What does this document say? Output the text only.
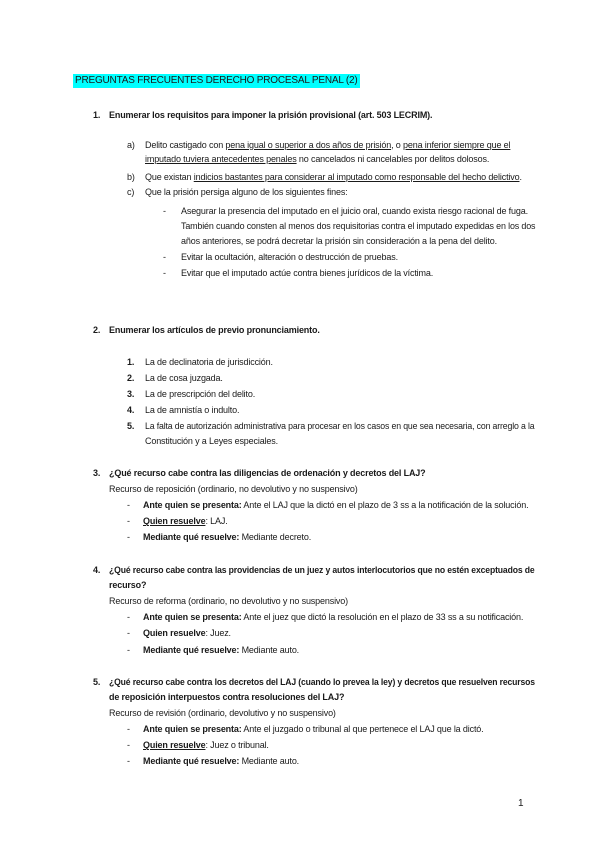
PREGUNTAS FRECUENTES DERECHO PROCESAL PENAL (2)
1. Enumerar los requisitos para imponer la prisión provisional (art. 503 LECRIM).
a) Delito castigado con pena igual o superior a dos años de prisión, o pena inferior siempre que el
imputado tuviera antecedentes penales no cancelados ni cancelables por delitos dolosos.
b) Que existan indicios bastantes para considerar al imputado como responsable del hecho delictivo.
c) Que la prisión persiga alguno de los siguientes fines:
- Asegurar la presencia del imputado en el juicio oral, cuando exista riesgo racional de fuga.
También cuando consten al menos dos requisitorias contra el imputado expedidas en los dos
años anteriores, se podrá decretar la prisión sin consideración a la pena del delito.
- Evitar la ocultación, alteración o destrucción de pruebas.
- Evitar que el imputado actúe contra bienes jurídicos de la víctima.
2. Enumerar los artículos de previo pronunciamiento.
1. La de declinatoria de jurisdicción.
2. La de cosa juzgada.
3. La de prescripción del delito.
4. La de amnistía o indulto.
5. La falta de autorización administrativa para procesar en los casos en que sea necesaria, con arreglo a la
Constitución y a Leyes especiales.
3. ¿Qué recurso cabe contra las diligencias de ordenación y decretos del LAJ?
Recurso de reposición (ordinario, no devolutivo y no suspensivo)
- Ante quien se presenta: Ante el LAJ que la dictó en el plazo de 3 ss a la notificación de la solución.
- Quien resuelve: LAJ.
- Mediante qué resuelve: Mediante decreto.
4. ¿Qué recurso cabe contra las providencias de un juez y autos interlocutorios que no estén exceptuados de
recurso?
Recurso de reforma (ordinario, no devolutivo y no suspensivo)
- Ante quien se presenta: Ante el juez que dictó la resolución en el plazo de 33 ss a su notificación.
- Quien resuelve: Juez.
- Mediante qué resuelve: Mediante auto.
5. ¿Qué recurso cabe contra los decretos del LAJ (cuando lo prevea la ley) y decretos que resuelven recursos
de reposición interpuestos contra resoluciones del LAJ?
Recurso de revisión (ordinario, devolutivo y no suspensivo)
- Ante quien se presenta: Ante el juzgado o tribunal al que pertenece el LAJ que la dictó.
- Quien resuelve: Juez o tribunal.
- Mediante qué resuelve: Mediante auto.
1
